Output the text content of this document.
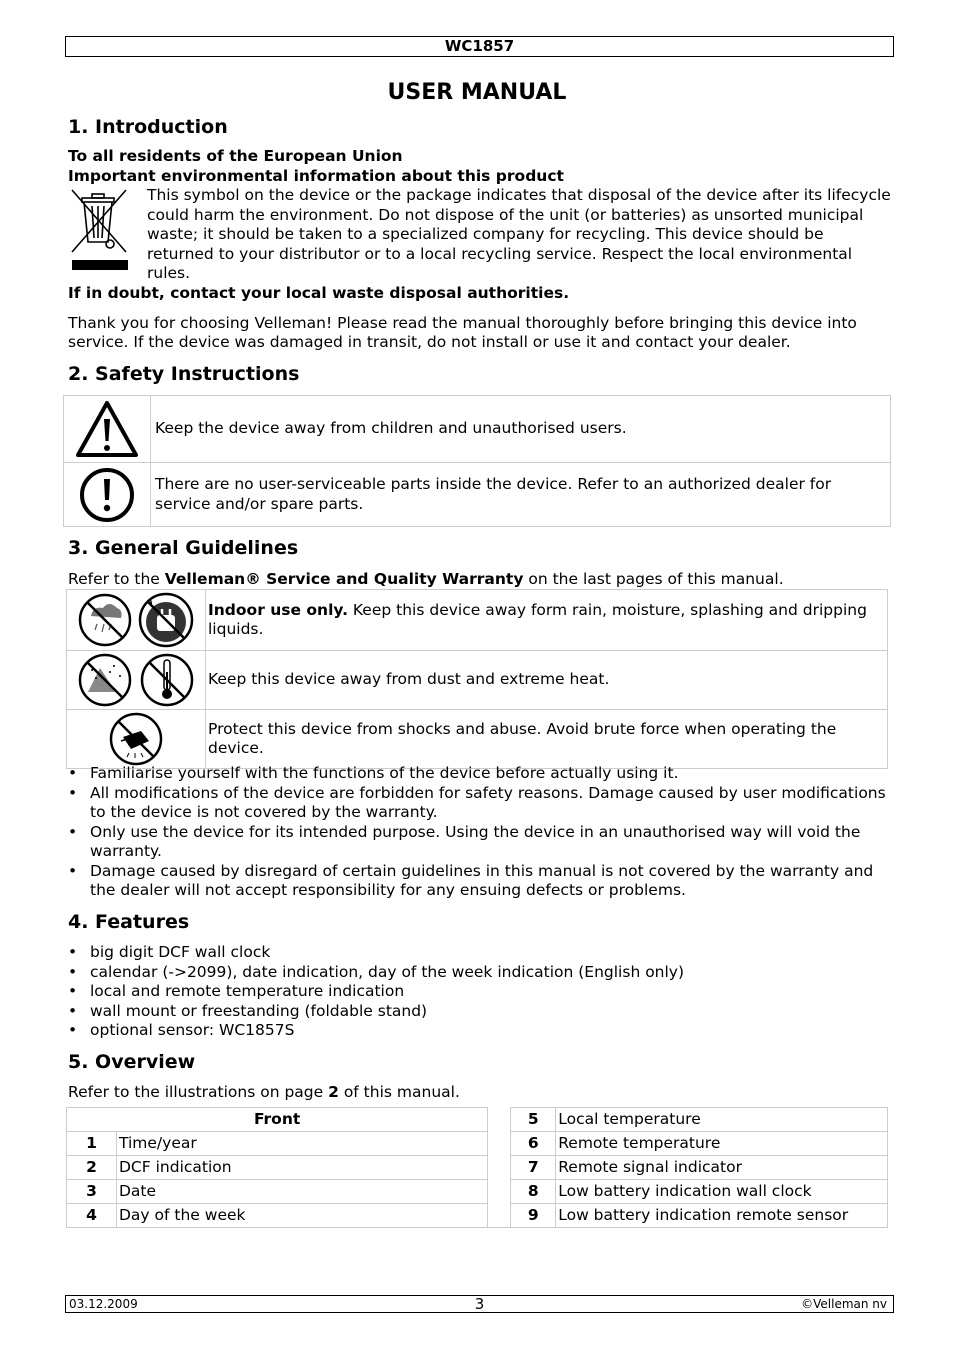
WC1857
USER MANUAL
1. Introduction
To all residents of the European Union
Important environmental information about this product

This symbol on the device or the package indicates that disposal of the device after its lifecycle could harm the environment. Do not dispose of the unit (or batteries) as unsorted municipal waste; it should be taken to a specialized company for recycling. This device should be returned to your distributor or to a local recycling service. Respect the local environmental rules.

If in doubt, contact your local waste disposal authorities.

Thank you for choosing Velleman! Please read the manual thoroughly before bringing this device into service. If the device was damaged in transit, do not install or use it and contact your dealer.

2. Safety Instructions
	Keep the device away from children and unauthorised users.
	There are no user-serviceable parts inside the device. Refer to an authorized dealer for service and/or spare parts.
3. General Guidelines

Refer to the Velleman® Service and Quality Warranty on the last pages of this manual.

	Indoor use only. Keep this device away form rain, moisture, splashing and dripping liquids.
	Keep this device away from dust and extreme heat.
	Protect this device from shocks and abuse. Avoid brute force when operating the device.
• Familiarise yourself with the functions of the device before actually using it.
• All modifications of the device are forbidden for safety reasons. Damage caused by user modifications to the device is not covered by the warranty.
• Only use the device for its intended purpose. Using the device in an unauthorised way will void the warranty.
• Damage caused by disregard of certain guidelines in this manual is not covered by the warranty and the dealer will not accept responsibility for any ensuing defects or problems.
4. Features
• big digit DCF wall clock
• calendar (->2099), date indication, day of the week indication (English only)
• local and remote temperature indication
• wall mount or freestanding (foldable stand)
• optional sensor: WC1857S
5. Overview

Refer to the illustrations on page 2 of this manual.

Front			5	Local temperature
1	Time/year		6	Remote temperature
2	DCF indication		7	Remote signal indicator
3	Date		8	Low battery indication wall clock
4	Day of the week		9	Low battery indication remote sensor
03.12.2009	3	©Velleman nv
